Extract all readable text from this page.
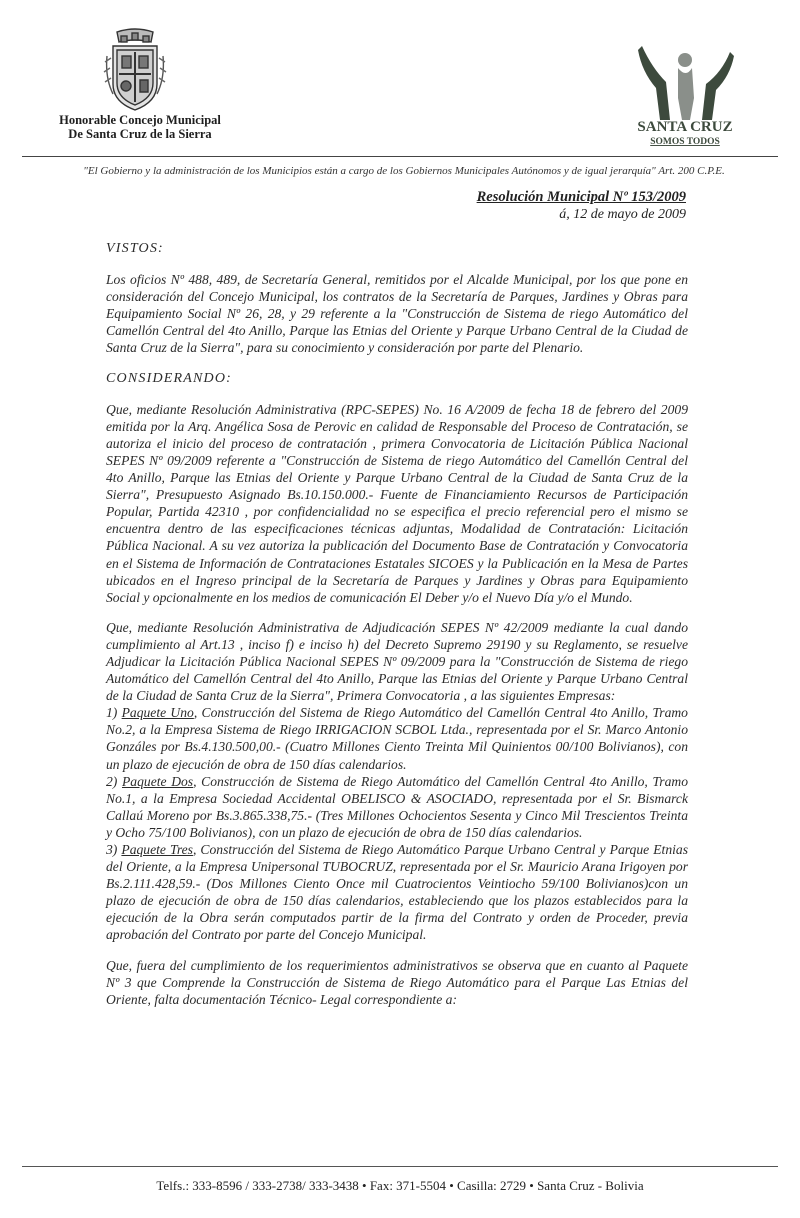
Honorable Concejo Municipal
De Santa Cruz de la Sierra	SANTA CRUZ
SOMOS TODOS
"El Gobierno y la administración de los Municipios están a cargo de los Gobiernos Municipales Autónomos y de igual jerarquía" Art. 200 C.P.E.
Resolución Municipal Nº 153/2009
á, 12 de mayo de 2009
VISTOS:

Los oficios Nº 488, 489, de Secretaría General, remitidos por el Alcalde Municipal, por los que pone en consideración del Concejo Municipal, los contratos de la Secretaría de Parques, Jardines y Obras para Equipamiento Social Nº 26, 28, y 29 referente a la "Construcción de Sistema de riego Automático del Camellón Central del 4to Anillo, Parque las Etnias del Oriente y Parque Urbano Central de la Ciudad de Santa Cruz de la Sierra", para su conocimiento y consideración por parte del Plenario.

CONSIDERANDO:

Que, mediante Resolución Administrativa (RPC-SEPES) No. 16 A/2009 de fecha 18 de febrero del 2009 emitida por la Arq. Angélica Sosa de Perovic en calidad de Responsable del Proceso de Contratación, se autoriza el inicio del proceso de contratación , primera Convocatoria de Licitación Pública Nacional SEPES Nº 09/2009 referente a "Construcción de Sistema de riego Automático del Camellón Central del 4to Anillo, Parque las Etnias del Oriente y Parque Urbano Central de la Ciudad de Santa Cruz de la Sierra", Presupuesto Asignado Bs.10.150.000.- Fuente de Financiamiento Recursos de Participación Popular, Partida 42310 , por confidencialidad no se especifica el precio referencial pero el mismo se encuentra dentro de las especificaciones técnicas adjuntas, Modalidad de Contratación: Licitación Pública Nacional. A su vez autoriza la publicación del Documento Base de Contratación y Convocatoria en el Sistema de Información de Contrataciones Estatales SICOES y la Publicación en la Mesa de Partes ubicados en el Ingreso principal de la Secretaría de Parques y Jardines y Obras para Equipamiento Social y opcionalmente en los medios de comunicación El Deber y/o el Nuevo Día y/o el Mundo.

Que, mediante Resolución Administrativa de Adjudicación SEPES Nº 42/2009 mediante la cual dando cumplimiento al Art.13 , inciso f) e inciso h) del Decreto Supremo 29190 y su Reglamento, se resuelve Adjudicar la Licitación Pública Nacional SEPES Nº 09/2009 para la "Construcción de Sistema de riego Automático del Camellón Central del 4to Anillo, Parque las Etnias del Oriente y Parque Urbano Central de la Ciudad de Santa Cruz de la Sierra", Primera Convocatoria , a las siguientes Empresas:

1) Paquete Uno, Construcción del Sistema de Riego Automático del Camellón Central 4to Anillo, Tramo No.2, a la Empresa Sistema de Riego IRRIGACION SCBOL Ltda., representada por el Sr. Marco Antonio Gonzáles por Bs.4.130.500,00.- (Cuatro Millones Ciento Treinta Mil Quinientos 00/100 Bolivianos), con un plazo de ejecución de obra de 150 días calendarios.

2) Paquete Dos, Construcción de Sistema de Riego Automático del Camellón Central 4to Anillo, Tramo No.1, a la Empresa Sociedad Accidental OBELISCO & ASOCIADO, representada por el Sr. Bismarck Callaú Moreno por Bs.3.865.338,75.- (Tres Millones Ochocientos Sesenta y Cinco Mil Trescientos Treinta y Ocho 75/100 Bolivianos), con un plazo de ejecución de obra de 150 días calendarios.

3) Paquete Tres, Construcción del Sistema de Riego Automático Parque Urbano Central y Parque Etnias del Oriente, a la Empresa Unipersonal TUBOCRUZ, representada por el Sr. Mauricio Arana Irigoyen por Bs.2.111.428,59.- (Dos Millones Ciento Once mil Cuatrocientos Veintiocho 59/100 Bolivianos)con un plazo de ejecución de obra de 150 días calendarios, estableciendo que los plazos establecidos para la ejecución de la Obra serán computados partir de la firma del Contrato y orden de Proceder, previa aprobación del Contrato por parte del Concejo Municipal.

Que, fuera del cumplimiento de los requerimientos administrativos se observa que en cuanto al Paquete Nº 3 que Comprende la Construcción de Sistema de Riego Automático para el Parque Las Etnias del Oriente, falta documentación Técnico- Legal correspondiente a:

Telfs.: 333-8596 / 333-2738/ 333-3438 • Fax: 371-5504 • Casilla: 2729 • Santa Cruz - Bolivia
